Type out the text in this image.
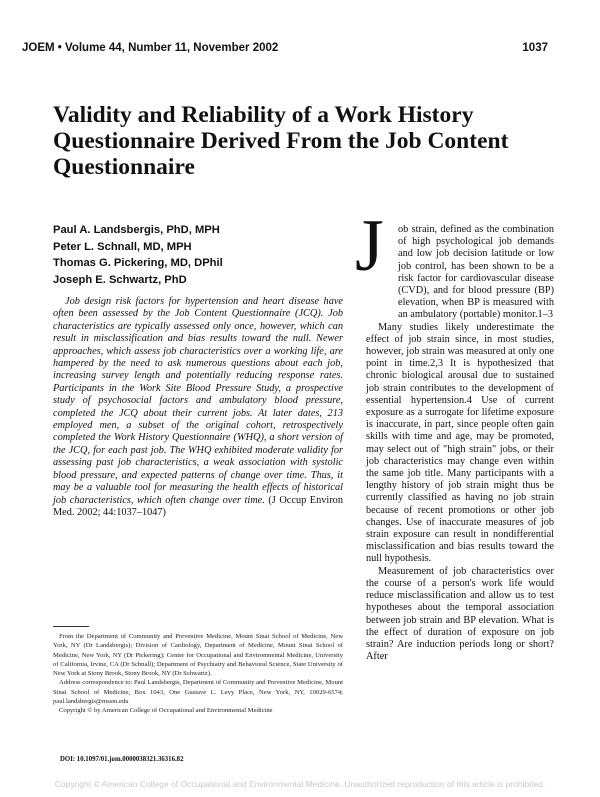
JOEM • Volume 44, Number 11, November 2002	1037
Validity and Reliability of a Work History Questionnaire Derived From the Job Content Questionnaire
Paul A. Landsbergis, PhD, MPH
Peter L. Schnall, MD, MPH
Thomas G. Pickering, MD, DPhil
Joseph E. Schwartz, PhD

Job design risk factors for hypertension and heart disease have often been assessed by the Job Content Questionnaire (JCQ). Job characteristics are typically assessed only once, however, which can result in misclassification and bias results toward the null. Newer approaches, which assess job characteristics over a working life, are hampered by the need to ask numerous questions about each job, increasing survey length and potentially reducing response rates. Participants in the Work Site Blood Pressure Study, a prospective study of psychosocial factors and ambulatory blood pressure, completed the JCQ about their current jobs. At later dates, 213 employed men, a subset of the original cohort, retrospectively completed the Work History Questionnaire (WHQ), a short version of the JCQ, for each past job. The WHQ exhibited moderate validity for assessing past job characteristics, a weak association with systolic blood pressure, and expected patterns of change over time. Thus, it may be a valuable tool for measuring the health effects of historical job characteristics, which often change over time. (J Occup Environ Med. 2002; 44:1037–1047)

From the Department of Community and Preventive Medicine, Mount Sinai School of Medicine, New York, NY (Dr Landsbergis); Division of Cardiology, Department of Medicine, Mount Sinai School of Medicine, New York, NY (Dr Pickering); Center for Occupational and Environmental Medicine, University of California, Irvine, CA (Dr Schnall); Department of Psychiatry and Behavioral Science, State University of New York at Stony Brook, Stony Brook, NY (Dr Schwartz).

Address correspondence to: Paul Landsbergis, Department of Community and Preventive Medicine, Mount Sinai School of Medicine, Box 1043, One Gustave L. Levy Place, New York, NY, 10029-6574; paul.landsbergis@mssm.edu

Copyright © by American College of Occupational and Environmental Medicine

DOI: 10.1097/01.jom.0000038321.36316.82
J	ob strain, defined as the combination of high psychological job demands and low job decision latitude or low job control, has been shown to be a risk factor for cardiovascular disease (CVD), and for blood pressure (BP) elevation, when BP is measured with an ambulatory (portable) monitor.1–3

Many studies likely underestimate the effect of job strain since, in most studies, however, job strain was measured at only one point in time.2,3 It is hypothesized that chronic biological arousal due to sustained job strain contributes to the development of essential hypertension.4 Use of current exposure as a surrogate for lifetime exposure is inaccurate, in part, since people often gain skills with time and age, may be promoted, may select out of "high strain" jobs, or their job characteristics may change even within the same job title. Many participants with a lengthy history of job strain might thus be currently classified as having no job strain because of recent promotions or other job changes. Use of inaccurate measures of job strain exposure can result in nondifferential misclassification and bias results toward the null hypothesis.

Measurement of job characteristics over the course of a person's work life would reduce misclassification and allow us to test hypotheses about the temporal association between job strain and BP elevation. What is the effect of duration of exposure on job strain? Are induction periods long or short? After

Copyright © American College of Occupational and Environmental Medicine. Unauthorized reproduction of this article is prohibited.
